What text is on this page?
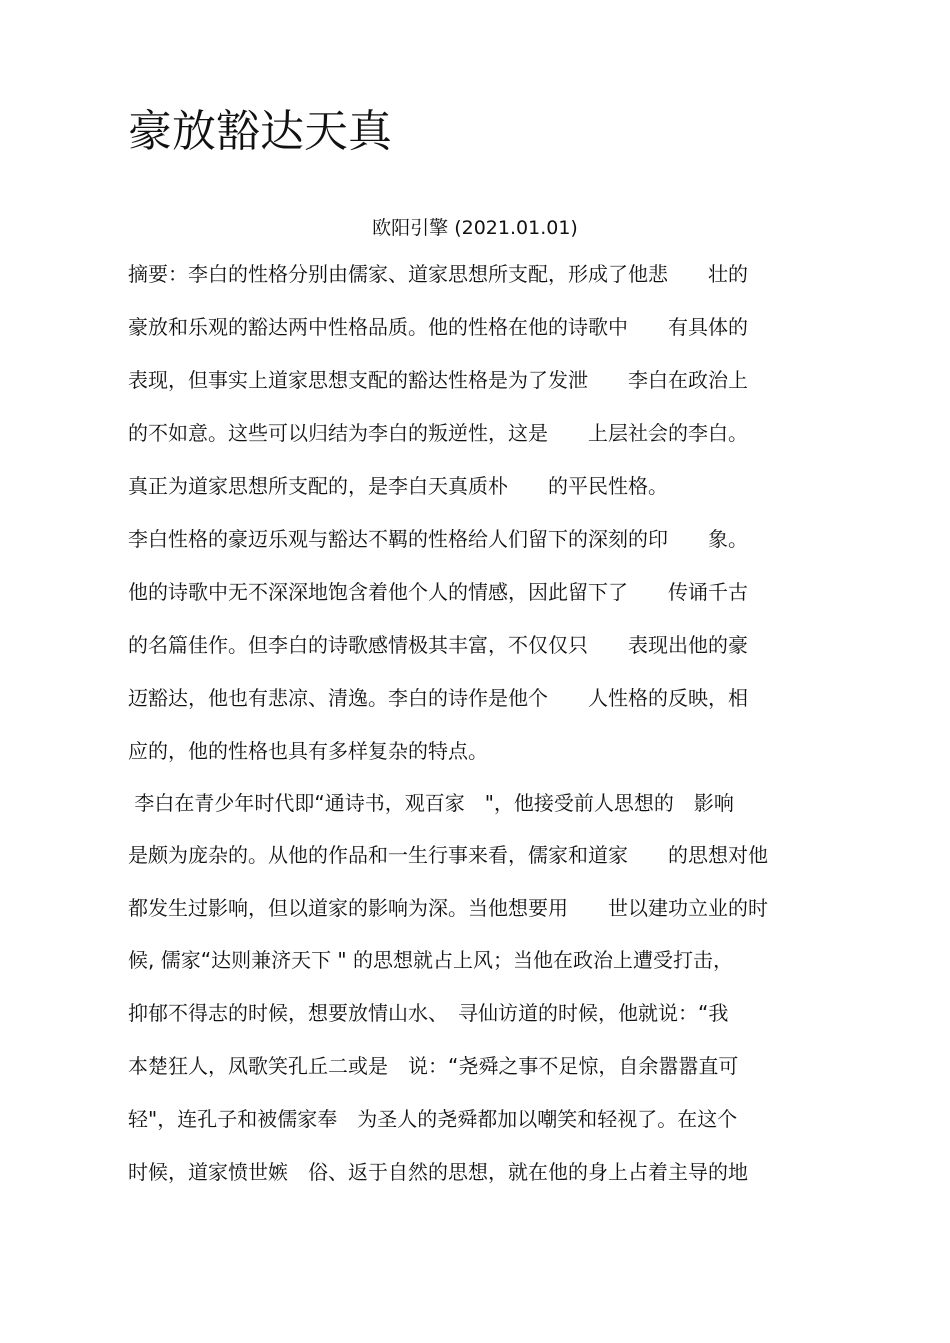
豪放豁达天真
欧阳引擎 (2021.01.01)
摘要：李白的性格分别由儒家、道家思想所支配，形成了他悲　　壮的
豪放和乐观的豁达两中性格品质。他的性格在他的诗歌中　　有具体的
表现，但事实上道家思想支配的豁达性格是为了发泄　　李白在政治上
的不如意。这些可以归结为李白的叛逆性，这是　　上层社会的李白。
真正为道家思想所支配的，是李白天真质朴　　的平民性格。
李白性格的豪迈乐观与豁达不羁的性格给人们留下的深刻的印　　象。
他的诗歌中无不深深地饱含着他个人的情感，因此留下了　　传诵千古
的名篇佳作。但李白的诗歌感情极其丰富，不仅仅只　　表现出他的豪
迈豁达，他也有悲凉、清逸。李白的诗作是他个　　人性格的反映，相
应的，他的性格也具有多样复杂的特点。
李白在青少年时代即“通诗书，观百家　"，他接受前人思想的　影响
是颇为庞杂的。从他的作品和一生行事来看，儒家和道家　　的思想对他
都发生过影响，但以道家的影响为深。当他想要用　　世以建功立业的时
候, 儒家“达则兼济天下 " 的思想就占上风；当他在政治上遭受打击，
抑郁不得志的时候，想要放情山水、　寻仙访道的时候，他就说：“我
本楚狂人，凤歌笑孔丘二或是　说：“尧舜之事不足惊，自余嚣嚣直可
轻"，连孔子和被儒家奉　为圣人的尧舜都加以嘲笑和轻视了。在这个
时候，道家愤世嫉　俗、返于自然的思想，就在他的身上占着主导的地
